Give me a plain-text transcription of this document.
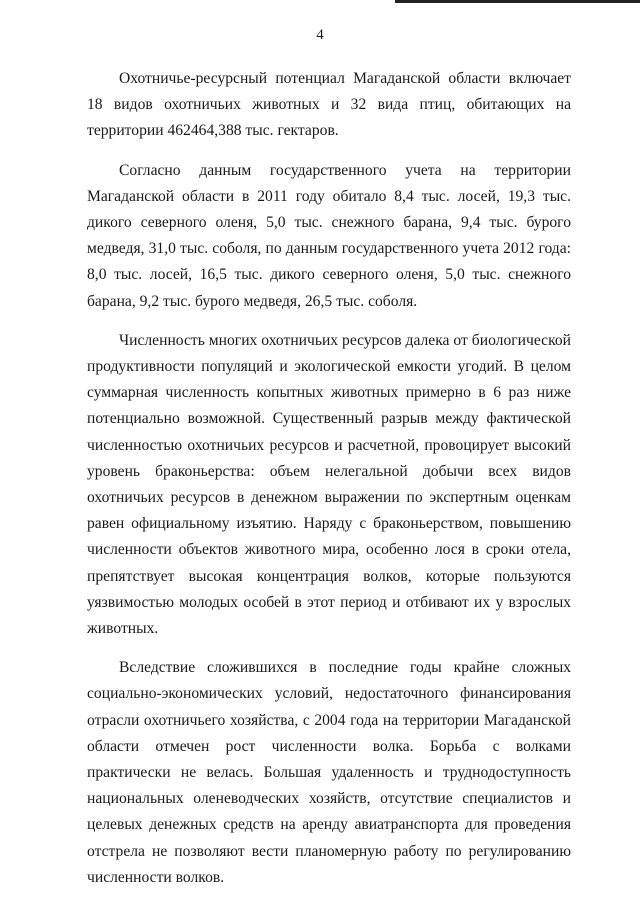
4

Охотничье-ресурсный потенциал Магаданской области включает 18 видов охотничьих животных и 32 вида птиц, обитающих на территории 462464,388 тыс. гектаров.

Согласно данным государственного учета на территории Магаданской области в 2011 году обитало 8,4 тыс. лосей, 19,3 тыс. дикого северного оленя, 5,0 тыс. снежного барана, 9,4 тыс. бурого медведя, 31,0 тыс. соболя, по данным государственного учета 2012 года: 8,0 тыс. лосей, 16,5 тыс. дикого северного оленя, 5,0 тыс. снежного барана, 9,2 тыс. бурого медведя, 26,5 тыс. соболя.

Численность многих охотничьих ресурсов далека от биологической продуктивности популяций и экологической емкости угодий. В целом суммарная численность копытных животных примерно в 6 раз ниже потенциально возможной. Существенный разрыв между фактической численностью охотничьих ресурсов и расчетной, провоцирует высокий уровень браконьерства: объем нелегальной добычи всех видов охотничьих ресурсов в денежном выражении по экспертным оценкам равен официальному изъятию. Наряду с браконьерством, повышению численности объектов животного мира, особенно лося в сроки отела, препятствует высокая концентрация волков, которые пользуются уязвимостью молодых особей в этот период и отбивают их у взрослых животных.

Вследствие сложившихся в последние годы крайне сложных социально-экономических условий, недостаточного финансирования отрасли охотничьего хозяйства, с 2004 года на территории Магаданской области отмечен рост численности волка. Борьба с волками практически не велась. Большая удаленность и труднодоступность национальных оленеводческих хозяйств, отсутствие специалистов и целевых денежных средств на аренду авиатранспорта для проведения отстрела не позволяют вести планомерную работу по регулированию численности волков.
